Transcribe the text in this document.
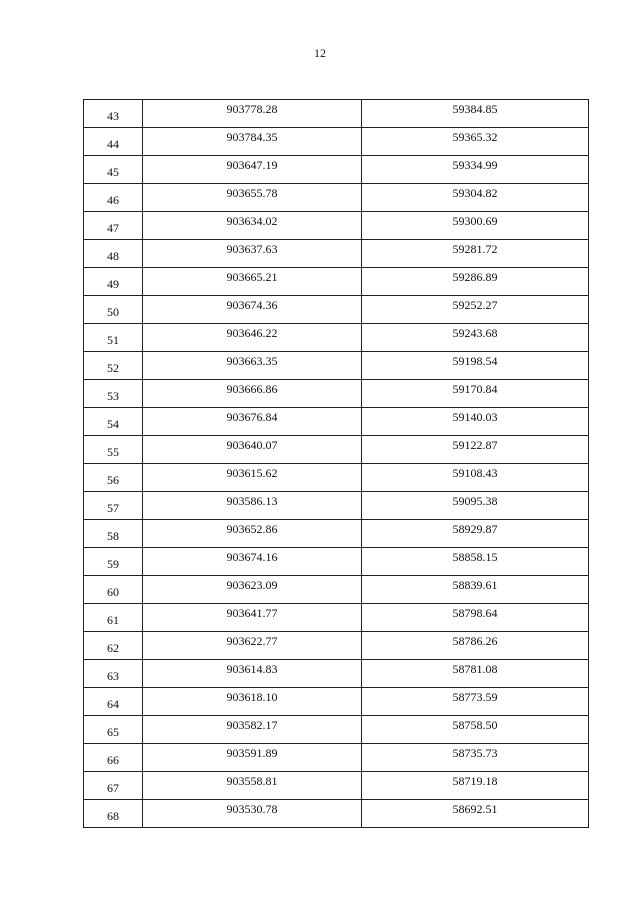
12
43	903778.28	59384.85
44	903784.35	59365.32
45	903647.19	59334.99
46	903655.78	59304.82
47	903634.02	59300.69
48	903637.63	59281.72
49	903665.21	59286.89
50	903674.36	59252.27
51	903646.22	59243.68
52	903663.35	59198.54
53	903666.86	59170.84
54	903676.84	59140.03
55	903640.07	59122.87
56	903615.62	59108.43
57	903586.13	59095.38
58	903652.86	58929.87
59	903674.16	58858.15
60	903623.09	58839.61
61	903641.77	58798.64
62	903622.77	58786.26
63	903614.83	58781.08
64	903618.10	58773.59
65	903582.17	58758.50
66	903591.89	58735.73
67	903558.81	58719.18
68	903530.78	58692.51
